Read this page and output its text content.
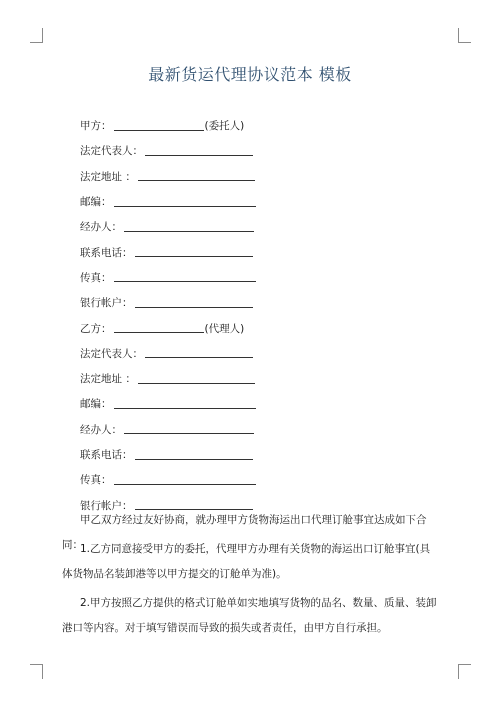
最新货运代理协议范本 模板
甲方：	(委托人)
法定代表人：
法定地址 ：
邮编：
经办人：
联系电话：
传真：
银行帐户：
乙方：	(代理人)
法定代表人：
法定地址 ：
邮编：
经办人：
联系电话：
传真：
银行帐户：
甲乙双方经过友好协商，就办理甲方货物海运出口代理订舱事宜达成如下合同：
1.乙方同意接受甲方的委托，代理甲方办理有关货物的海运出口订舱事宜(具体货物品名装卸港等以甲方提交的订舱单为准)。
2.甲方按照乙方提供的格式订舱单如实地填写货物的品名、数量、质量、装卸港口等内容。对于填写错误而导致的损失或者责任，由甲方自行承担。
